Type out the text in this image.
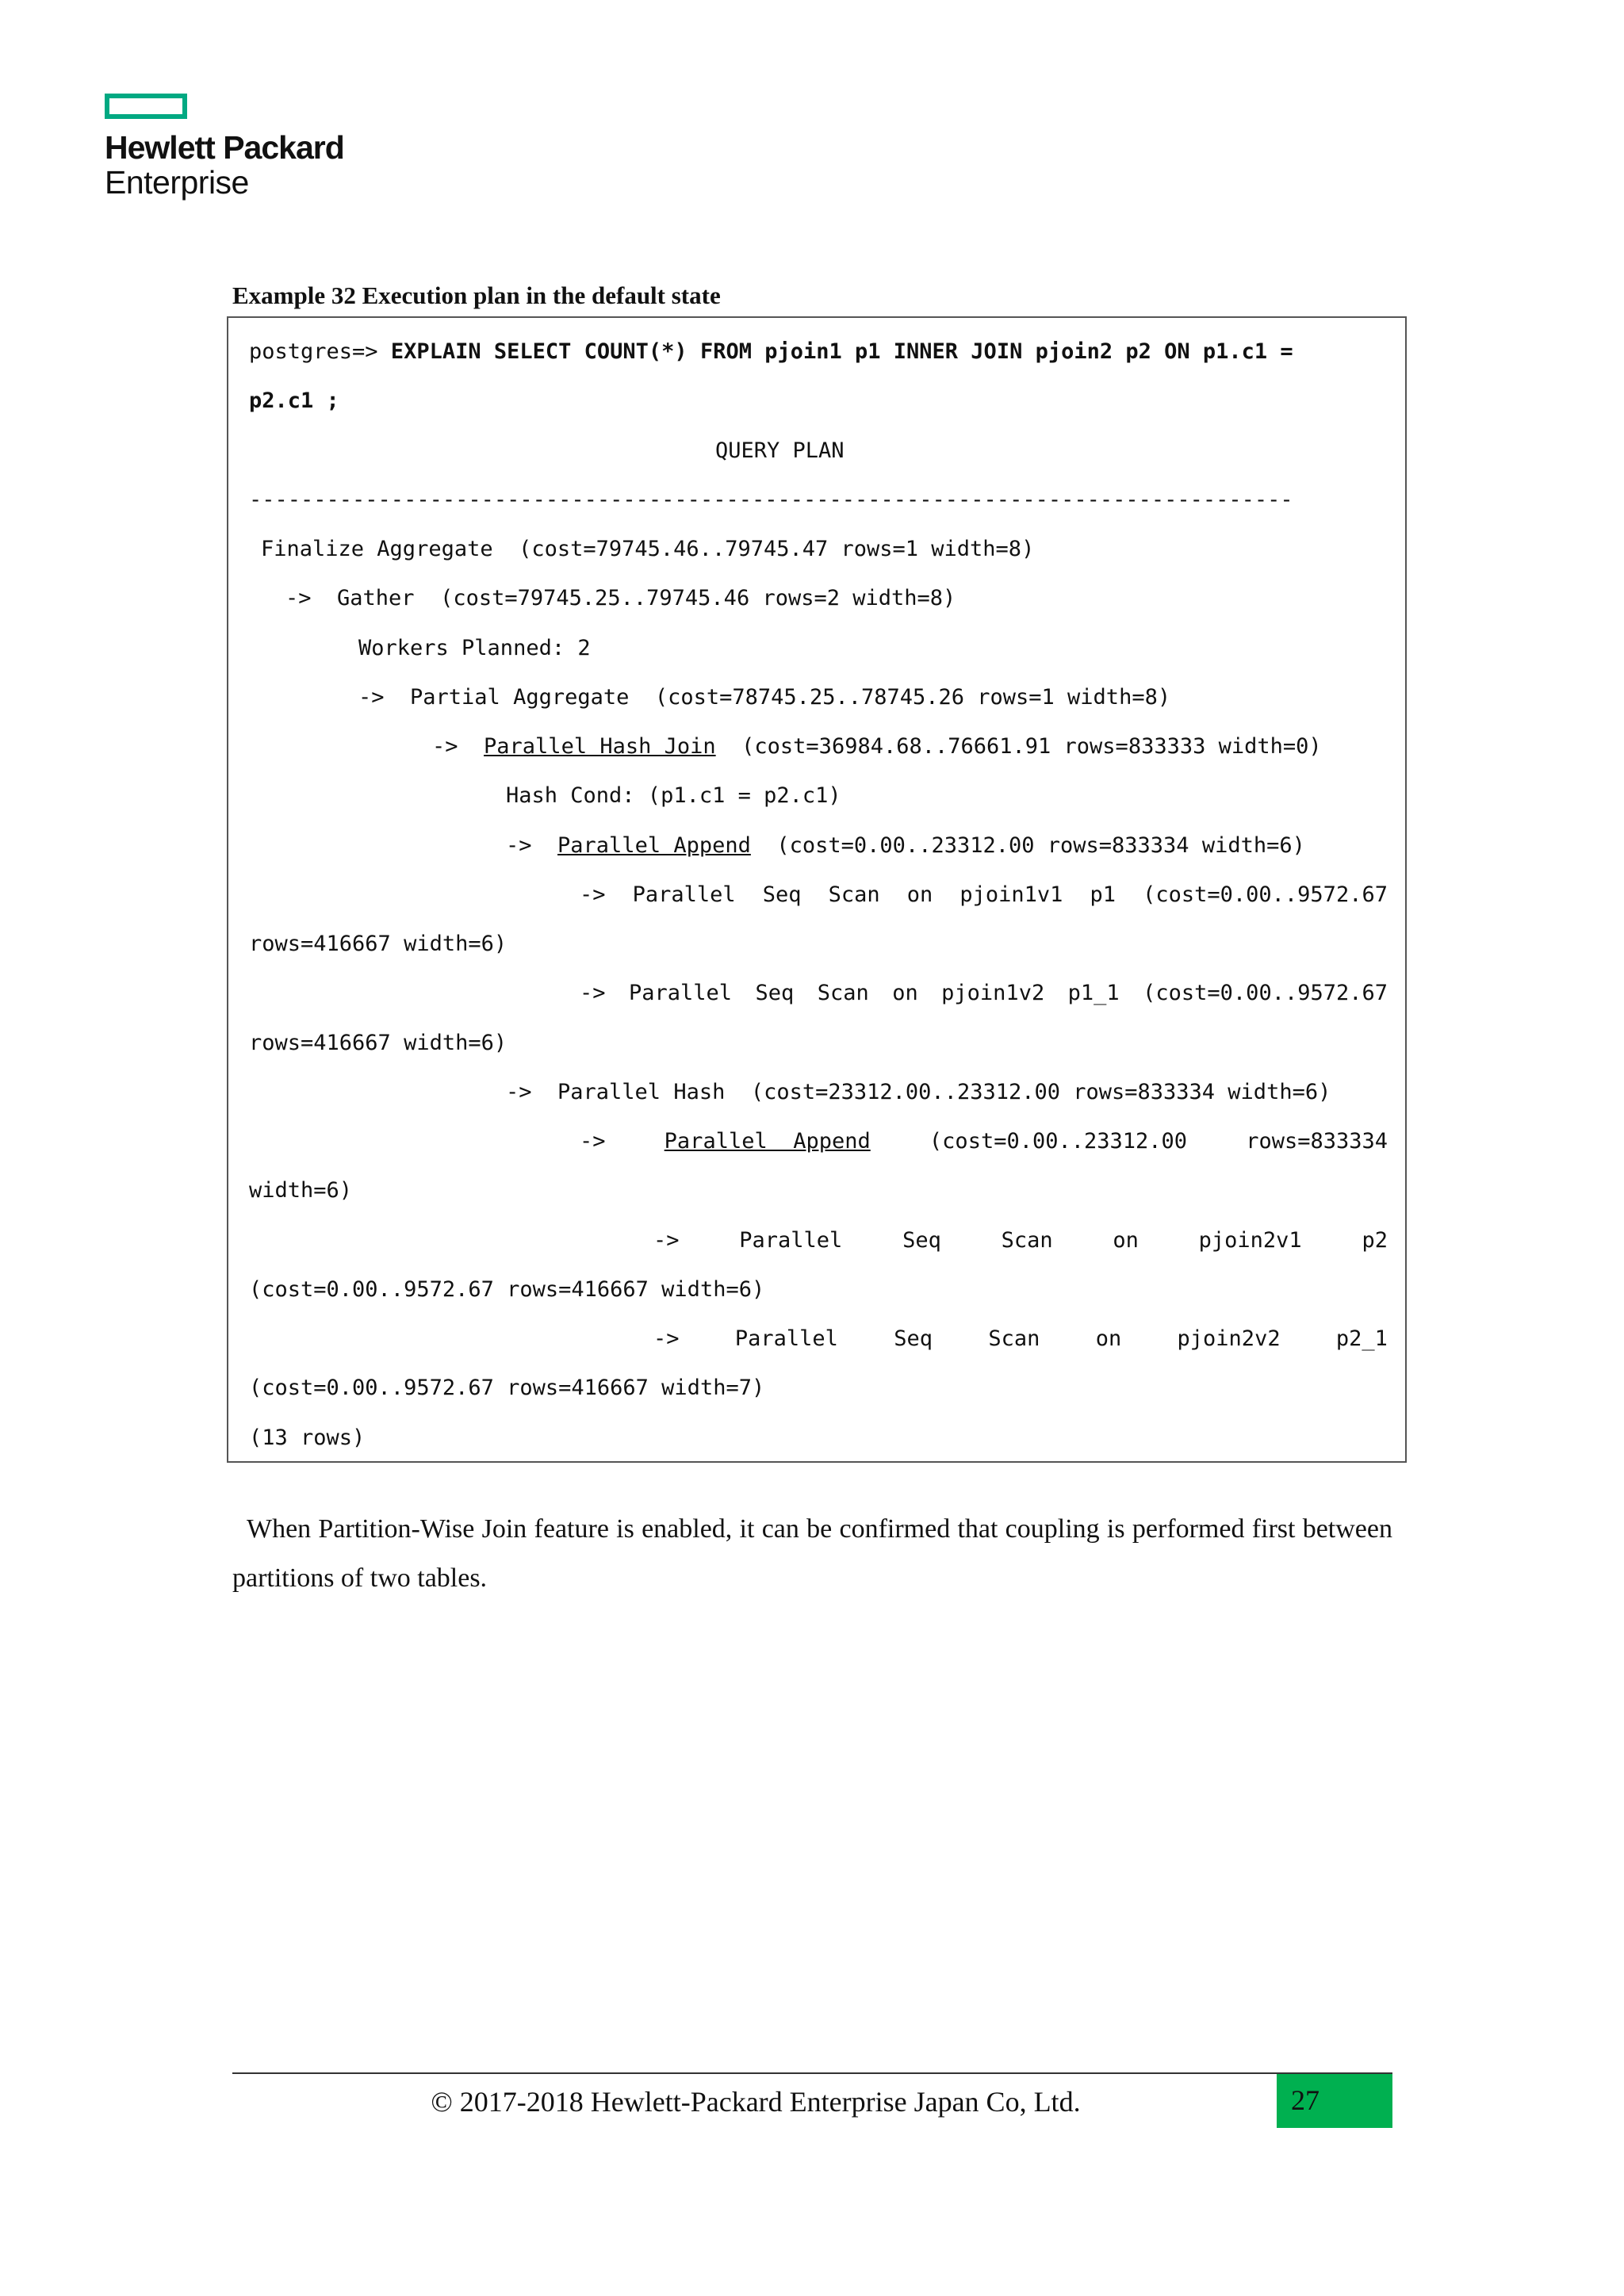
Hewlett Packard
Enterprise
Example 32 Execution plan in the default state
postgres=> EXPLAIN SELECT COUNT(*) FROM pjoin1 p1 INNER JOIN pjoin2 p2 ON p1.c1 =
p2.c1 ;
QUERY PLAN
---------------------------------------------------------------------------------
Finalize Aggregate  (cost=79745.46..79745.47 rows=1 width=8)
->  Gather  (cost=79745.25..79745.46 rows=2 width=8)
Workers Planned: 2
->  Partial Aggregate  (cost=78745.25..78745.26 rows=1 width=8)
->  Parallel Hash Join  (cost=36984.68..76661.91 rows=833333 width=0)
Hash Cond: (p1.c1 = p2.c1)
->  Parallel Append  (cost=0.00..23312.00 rows=833334 width=6)
-> Parallel Seq Scan on pjoin1v1 p1 (cost=0.00..9572.67
rows=416667 width=6)
-> Parallel Seq Scan on pjoin1v2 p1_1 (cost=0.00..9572.67
rows=416667 width=6)
->  Parallel Hash  (cost=23312.00..23312.00 rows=833334 width=6)
->	Parallel  Append	(cost=0.00..23312.00	rows=833334
width=6)
->	Parallel	Seq	Scan	on	pjoin2v1	p2
(cost=0.00..9572.67 rows=416667 width=6)
->	Parallel	Seq	Scan	on	pjoin2v2	p2_1
(cost=0.00..9572.67 rows=416667 width=7)
(13 rows)
When Partition-Wise Join feature is enabled, it can be confirmed that coupling is performed first between partitions of two tables.
© 2017-2018 Hewlett-Packard Enterprise Japan Co, Ltd.	27
